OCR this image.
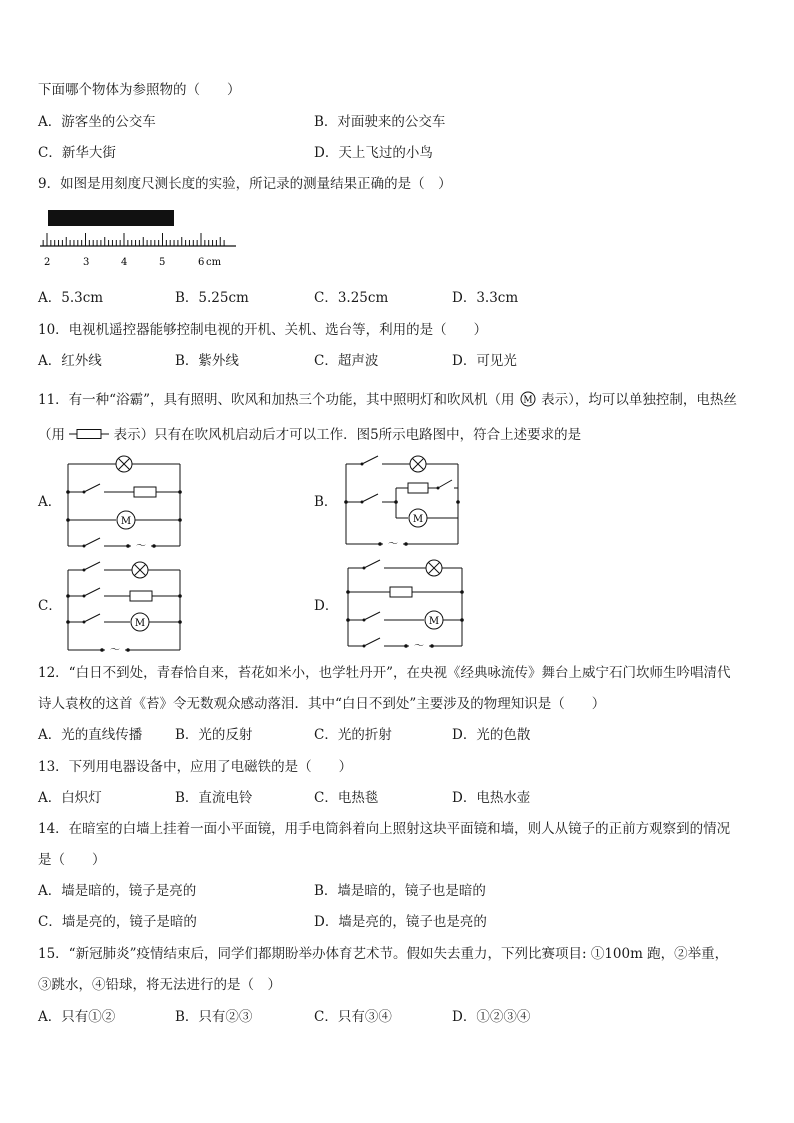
下面哪个物体为参照物的（　　）
A．游客坐的公交车	B．对面驶来的公交车
C．新华大街	D．天上飞过的小鸟
9．如图是用刻度尺测长度的实验，所记录的测量结果正确的是（　）
2	3	4	5	6 cm
A．5.3cm	B．5.25cm	C．3.25cm	D．3.3cm
10．电视机遥控器能够控制电视的开机、关机、选台等，利用的是（　　）
A．红外线	B．紫外线	C．超声波	D．可见光
11．有一种“浴霸”，具有照明、吹风和加热三个功能，其中照明灯和吹风机（用 M 表示），均可以单独控制，电热丝
（用	表示）只有在吹风机启动后才可以工作．图5所示电路图中，符合上述要求的是
A．	B．
C．	D．
M
～
M
～
M
～
M
～
12．“白日不到处，青春恰自来，苔花如米小，也学牡丹开”，在央视《经典咏流传》舞台上威宁石门坎师生吟唱清代
诗人袁枚的这首《苔》令无数观众感动落泪．其中“白日不到处”主要涉及的物理知识是（　　）
A．光的直线传播 B．光的反射	C．光的折射	D．光的色散
13．下列用电器设备中，应用了电磁铁的是（　　）
A．白炽灯	B．直流电铃	C．电热毯	D．电热水壶
14．在暗室的白墙上挂着一面小平面镜，用手电筒斜着向上照射这块平面镜和墙，则人从镜子的正前方观察到的情况
是（　　）
A．墙是暗的，镜子是亮的	B．墙是暗的，镜子也是暗的
C．墙是亮的，镜子是暗的	D．墙是亮的，镜子也是亮的
15．“新冠肺炎”疫情结束后，同学们都期盼举办体育艺术节。假如失去重力，下列比赛项目: ①100m 跑，②举重，
③跳水，④铅球，将无法进行的是（　）
A．只有①②	B．只有②③	C．只有③④	D．①②③④
